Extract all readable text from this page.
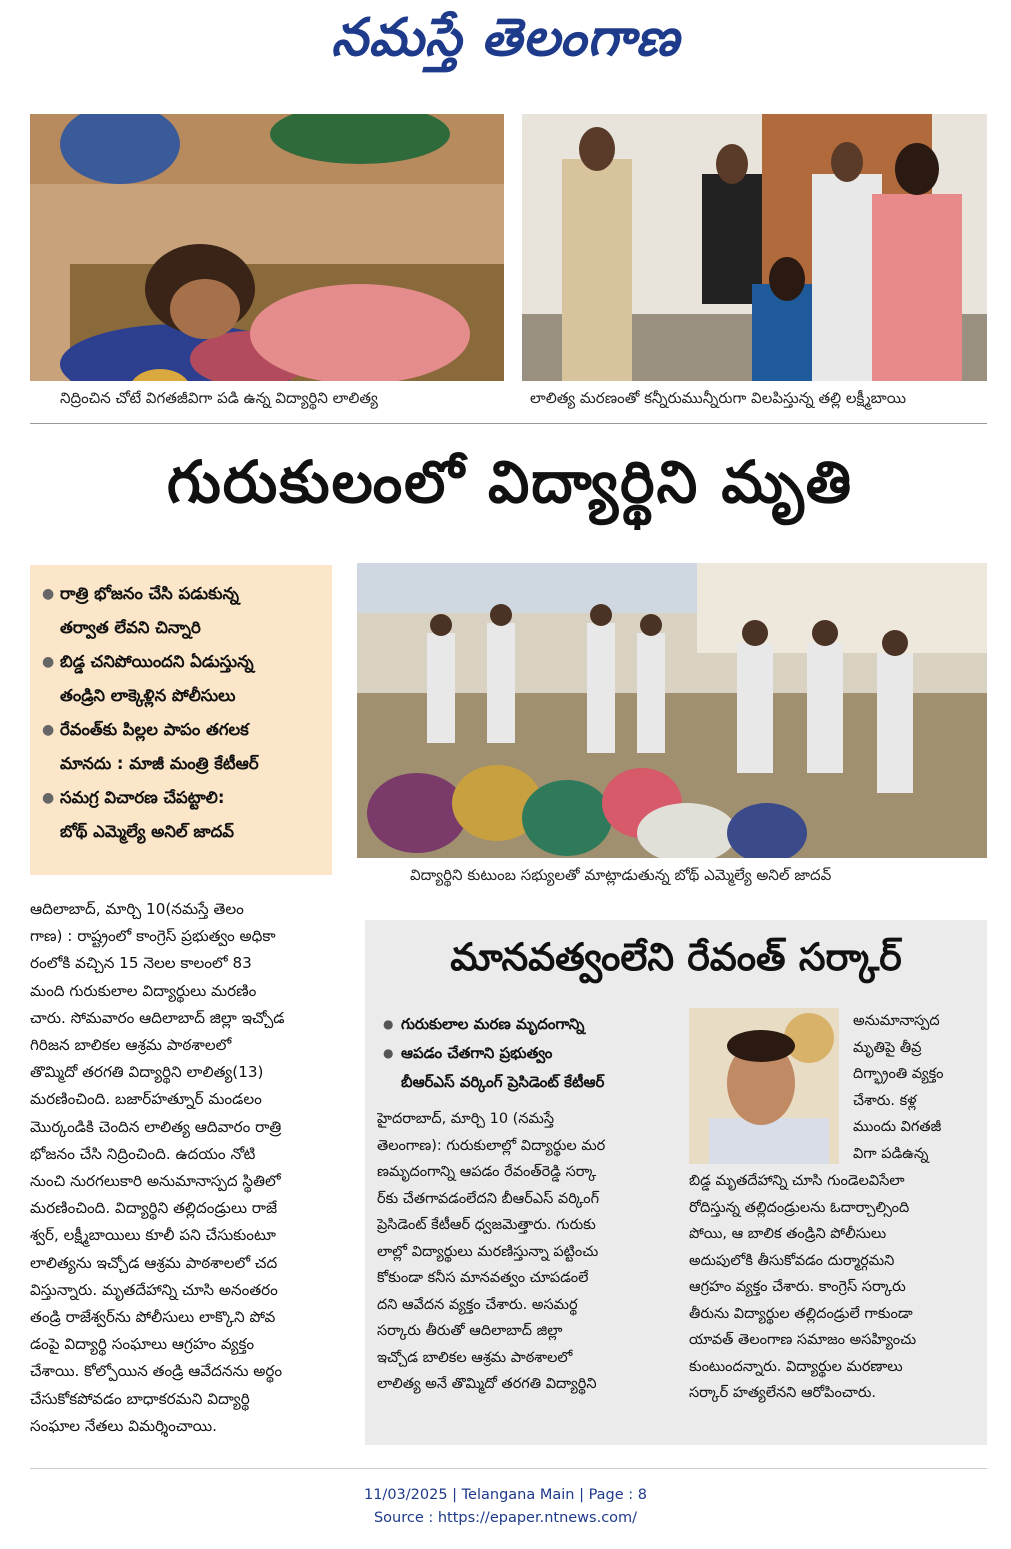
నమస్తే తెలంగాణ
నిద్రించిన చోటే విగతజీవిగా పడి ఉన్న విద్యార్థిని లాలిత్య	లాలిత్య మరణంతో కన్నీరుమున్నీరుగా విలపిస్తున్న తల్లి లక్ష్మీబాయి
గురుకులంలో విద్యార్థిని మృతి
● రాత్రి భోజనం చేసి పడుకున్న
తర్వాత లేవని చిన్నారి
● బిడ్డ చనిపోయిందని ఏడుస్తున్న
తండ్రిని లాక్కెళ్లిన పోలీసులు
● రేవంత్‌కు పిల్లల పాపం తగలక
మానదు : మాజీ మంత్రి కేటీఆర్
● సమగ్ర విచారణ చేపట్టాలి:
బోథ్ ఎమ్మెల్యే అనిల్ జాదవ్
విద్యార్థిని కుటుంబ సభ్యులతో మాట్లాడుతున్న బోథ్ ఎమ్మెల్యే అనిల్ జాదవ్
ఆదిలాబాద్, మార్చి 10(నమస్తే తెలం
గాణ) : రాష్ట్రంలో కాంగ్రెస్ ప్రభుత్వం అధికా
రంలోకి వచ్చిన 15 నెలల కాలంలో 83
మంది గురుకులాల విద్యార్థులు మరణిం
చారు. సోమవారం ఆదిలాబాద్ జిల్లా ఇచ్చోడ
గిరిజన బాలికల ఆశ్రమ పాఠశాలలో
తొమ్మిదో తరగతి విద్యార్థిని లాలిత్య(13)
మరణించింది. బజార్‌హత్నూర్ మండలం
మొర్కండికి చెందిన లాలిత్య ఆదివారం రాత్రి
భోజనం చేసి నిద్రించింది. ఉదయం నోటి
నుంచి నురగలుకారి అనుమానాస్పద స్థితిలో
మరణించింది. విద్యార్థిని తల్లిదండ్రులు రాజే
శ్వర్, లక్ష్మీబాయిలు కూలీ పని చేసుకుంటూ
లాలిత్యను ఇచ్చోడ ఆశ్రమ పాఠశాలలో చద
విస్తున్నారు. మృతదేహాన్ని చూసి అనంతరం
తండ్రి రాజేశ్వర్‌ను పోలీసులు లాక్కొని పోవ
డంపై విద్యార్థి సంఘాలు ఆగ్రహం వ్యక్తం
చేశాయి. కోల్పోయిన తండ్రి ఆవేదనను అర్థం
చేసుకోకపోవడం బాధాకరమని విద్యార్థి
సంఘాల నేతలు విమర్శించాయి.
మానవత్వంలేని రేవంత్ సర్కార్
● గురుకులాల మరణ మృదంగాన్ని
● ఆపడం చేతగాని ప్రభుత్వం
బీఆర్‌ఎస్ వర్కింగ్ ప్రెసిడెంట్ కేటీఆర్
హైదరాబాద్, మార్చి 10 (నమస్తే
తెలంగాణ): గురుకులాల్లో విద్యార్థుల మర
ణమృదంగాన్ని ఆపడం రేవంత్‌రెడ్డి సర్కా
ర్‌కు చేతగావడంలేదని బీఆర్‌ఎస్ వర్కింగ్
ప్రెసిడెంట్ కేటీఆర్ ధ్వజమెత్తారు. గురుకు
లాల్లో విద్యార్థులు మరణిస్తున్నా పట్టించు
కోకుండా కనీస మానవత్వం చూపడంలే
దని ఆవేదన వ్యక్తం చేశారు. అసమర్థ
సర్కారు తీరుతో ఆదిలాబాద్ జిల్లా
ఇచ్చోడ బాలికల ఆశ్రమ పాఠశాలలో
లాలిత్య అనే తొమ్మిదో తరగతి విద్యార్థిని
అనుమానాస్పద
మృతిపై తీవ్ర
దిగ్భ్రాంతి వ్యక్తం
చేశారు. కళ్ల
ముందు విగతజీ
విగా పడిఉన్న
బిడ్డ మృతదేహాన్ని చూసి గుండెలవిసేలా
రోదిస్తున్న తల్లిదండ్రులను ఓదార్చాల్సింది
పోయి, ఆ బాలిక తండ్రిని పోలీసులు
అదుపులోకి తీసుకోవడం దుర్మార్గమని
ఆగ్రహం వ్యక్తం చేశారు. కాంగ్రెస్ సర్కారు
తీరును విద్యార్థుల తల్లిదండ్రులే గాకుండా
యావత్ తెలంగాణ సమాజం అసహ్యించు
కుంటుందన్నారు. విద్యార్థుల మరణాలు
సర్కార్ హత్యలేనని ఆరోపించారు.
11/03/2025 | Telangana Main | Page : 8
Source : https://epaper.ntnews.com/
